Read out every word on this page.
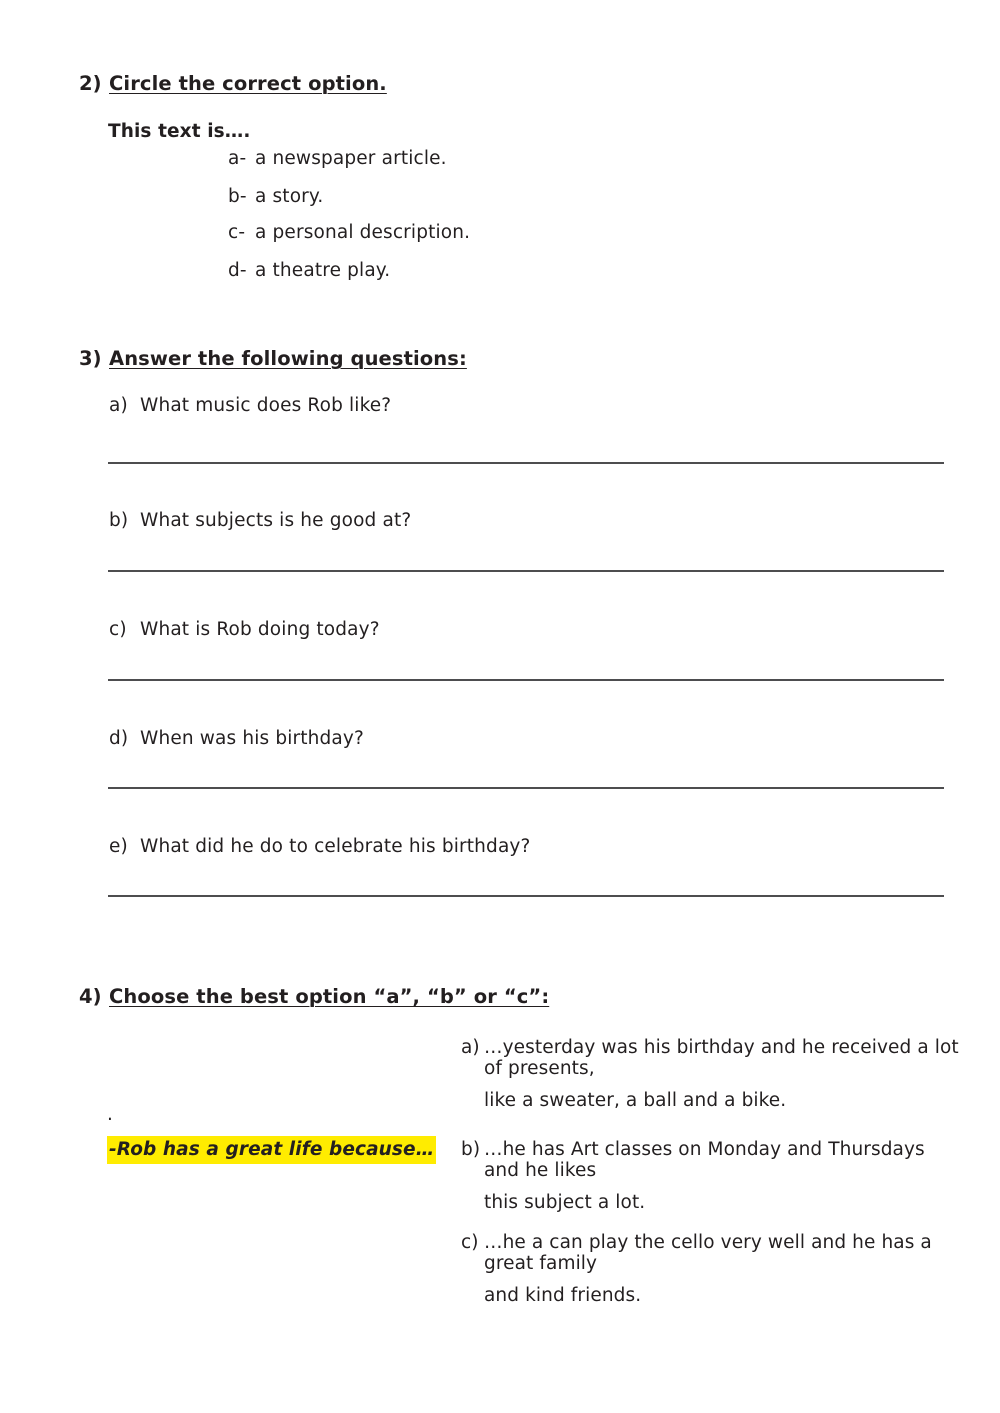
2) Circle the correct option.
This text is….
a- a newspaper article.
b- a story.
c- a personal description.
d- a theatre play.
3) Answer the following questions:
a) What music does Rob like?
b) What subjects is he good at?
c) What is Rob doing today?
d) When was his birthday?
e) What did he do to celebrate his birthday?
4) Choose the best option “a”, “b” or “c”:
.
-Rob has a great life because…
a) …yesterday was his birthday and he received a lot of presents,
like a sweater, a ball and a bike.
b) …he has Art classes on Monday and Thursdays and he likes
this subject a lot.
c) …he a can play the cello very well and he has a great family
and kind friends.
